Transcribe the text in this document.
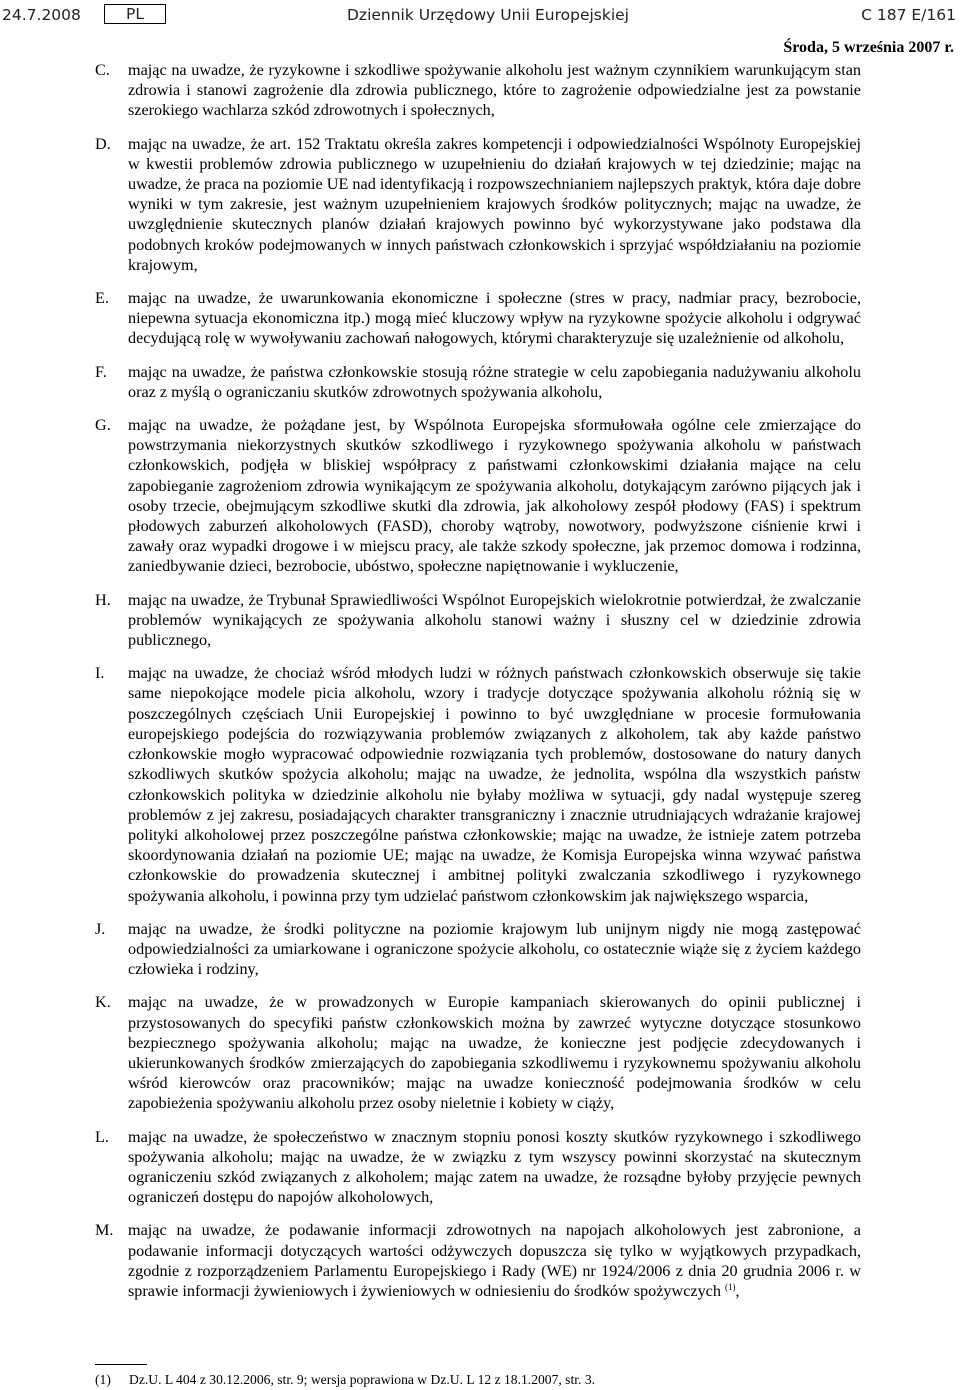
24.7.2008	PL	Dziennik Urzędowy Unii Europejskiej	C 187 E/161
Środa, 5 września 2007 r.
C. mając na uwadze, że ryzykowne i szkodliwe spożywanie alkoholu jest ważnym czynnikiem warunkującym stan zdrowia i stanowi zagrożenie dla zdrowia publicznego, które to zagrożenie odpowiedzialne jest za powstanie szerokiego wachlarza szkód zdrowotnych i społecznych,
D. mając na uwadze, że art. 152 Traktatu określa zakres kompetencji i odpowiedzialności Wspólnoty Europejskiej w kwestii problemów zdrowia publicznego w uzupełnieniu do działań krajowych w tej dziedzinie; mając na uwadze, że praca na poziomie UE nad identyfikacją i rozpowszechnianiem najlepszych praktyk, która daje dobre wyniki w tym zakresie, jest ważnym uzupełnieniem krajowych środków politycznych; mając na uwadze, że uwzględnienie skutecznych planów działań krajowych powinno być wykorzystywane jako podstawa dla podobnych kroków podejmowanych w innych państwach członkowskich i sprzyjać współdziałaniu na poziomie krajowym,
E. mając na uwadze, że uwarunkowania ekonomiczne i społeczne (stres w pracy, nadmiar pracy, bezrobocie, niepewna sytuacja ekonomiczna itp.) mogą mieć kluczowy wpływ na ryzykowne spożycie alkoholu i odgrywać decydującą rolę w wywoływaniu zachowań nałogowych, którymi charakteryzuje się uzależnienie od alkoholu,
F. mając na uwadze, że państwa członkowskie stosują różne strategie w celu zapobiegania nadużywaniu alkoholu oraz z myślą o ograniczaniu skutków zdrowotnych spożywania alkoholu,
G. mając na uwadze, że pożądane jest, by Wspólnota Europejska sformułowała ogólne cele zmierzające do powstrzymania niekorzystnych skutków szkodliwego i ryzykownego spożywania alkoholu w państwach członkowskich, podjęła w bliskiej współpracy z państwami członkowskimi działania mające na celu zapobieganie zagrożeniom zdrowia wynikającym ze spożywania alkoholu, dotykającym zarówno pijących jak i osoby trzecie, obejmującym szkodliwe skutki dla zdrowia, jak alkoholowy zespół płodowy (FAS) i spektrum płodowych zaburzeń alkoholowych (FASD), choroby wątroby, nowotwory, podwyższone ciśnienie krwi i zawały oraz wypadki drogowe i w miejscu pracy, ale także szkody społeczne, jak przemoc domowa i rodzinna, zaniedbywanie dzieci, bezrobocie, ubóstwo, społeczne napiętnowanie i wykluczenie,
H. mając na uwadze, że Trybunał Sprawiedliwości Wspólnot Europejskich wielokrotnie potwierdzał, że zwalczanie problemów wynikających ze spożywania alkoholu stanowi ważny i słuszny cel w dziedzinie zdrowia publicznego,
I. mając na uwadze, że chociaż wśród młodych ludzi w różnych państwach członkowskich obserwuje się takie same niepokojące modele picia alkoholu, wzory i tradycje dotyczące spożywania alkoholu różnią się w poszczególnych częściach Unii Europejskiej i powinno to być uwzględniane w procesie formułowania europejskiego podejścia do rozwiązywania problemów związanych z alkoholem, tak aby każde państwo członkowskie mogło wypracować odpowiednie rozwiązania tych problemów, dostosowane do natury danych szkodliwych skutków spożycia alkoholu; mając na uwadze, że jednolita, wspólna dla wszystkich państw członkowskich polityka w dziedzinie alkoholu nie byłaby możliwa w sytuacji, gdy nadal występuje szereg problemów z jej zakresu, posiadających charakter transgraniczny i znacznie utrudniających wdrażanie krajowej polityki alkoholowej przez poszczególne państwa członkowskie; mając na uwadze, że istnieje zatem potrzeba skoordynowania działań na poziomie UE; mając na uwadze, że Komisja Europejska winna wzywać państwa członkowskie do prowadzenia skutecznej i ambitnej polityki zwalczania szkodliwego i ryzykownego spożywania alkoholu, i powinna przy tym udzielać państwom członkowskim jak największego wsparcia,
J. mając na uwadze, że środki polityczne na poziomie krajowym lub unijnym nigdy nie mogą zastępować odpowiedzialności za umiarkowane i ograniczone spożycie alkoholu, co ostatecznie wiąże się z życiem każdego człowieka i rodziny,
K. mając na uwadze, że w prowadzonych w Europie kampaniach skierowanych do opinii publicznej i przystosowanych do specyfiki państw członkowskich można by zawrzeć wytyczne dotyczące stosunkowo bezpiecznego spożywania alkoholu; mając na uwadze, że konieczne jest podjęcie zdecydowanych i ukierunkowanych środków zmierzających do zapobiegania szkodliwemu i ryzykownemu spożywaniu alkoholu wśród kierowców oraz pracowników; mając na uwadze konieczność podejmowania środków w celu zapobieżenia spożywaniu alkoholu przez osoby nieletnie i kobiety w ciąży,
L. mając na uwadze, że społeczeństwo w znacznym stopniu ponosi koszty skutków ryzykownego i szkodliwego spożywania alkoholu; mając na uwadze, że w związku z tym wszyscy powinni skorzystać na skutecznym ograniczeniu szkód związanych z alkoholem; mając zatem na uwadze, że rozsądne byłoby przyjęcie pewnych ograniczeń dostępu do napojów alkoholowych,
M. mając na uwadze, że podawanie informacji zdrowotnych na napojach alkoholowych jest zabronione, a podawanie informacji dotyczących wartości odżywczych dopuszcza się tylko w wyjątkowych przypadkach, zgodnie z rozporządzeniem Parlamentu Europejskiego i Rady (WE) nr 1924/2006 z dnia 20 grudnia 2006 r. w sprawie informacji żywieniowych i żywieniowych w odniesieniu do środków spożywczych $^{(1)}$,
(1) Dz.U. L 404 z 30.12.2006, str. 9; wersja poprawiona w Dz.U. L 12 z 18.1.2007, str. 3.
